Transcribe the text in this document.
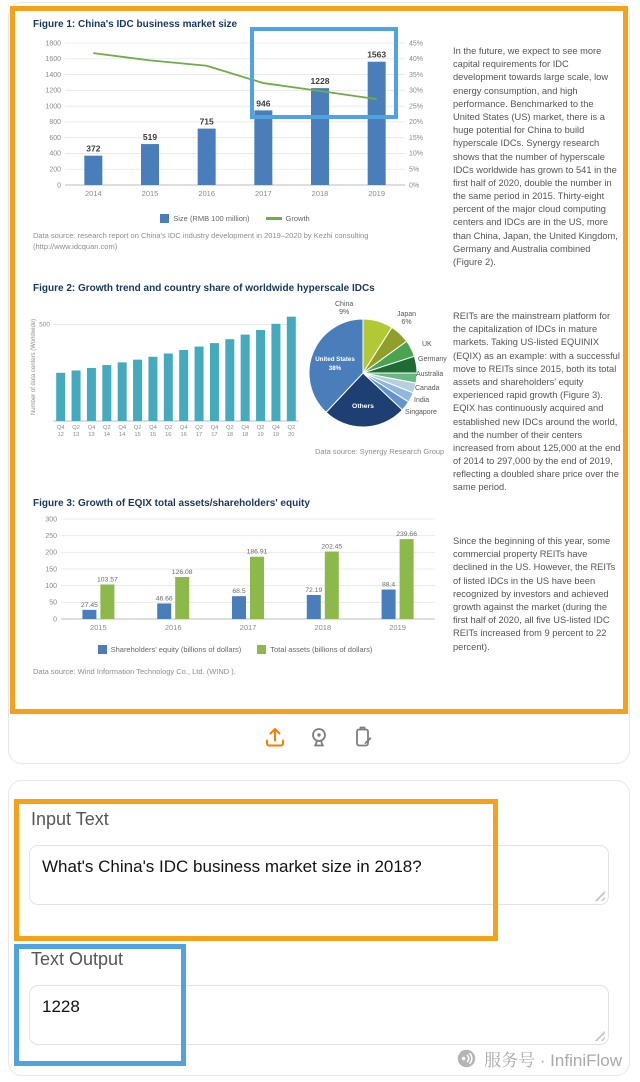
Figure 1: China's IDC business market size
0	0%
200	5%
400	10%
600	15%
800	20%
1000	25%
1200	30%
1400	35%
1600	40%
1800	45%
372
2014
519
2015
715
2016
946
2017
1228
2018
1563
2019
Size (RMB 100 million)	Growth

Data source: research report on China's IDC industry development in 2019–2020 by Kezhi consulting (http://www.idcquan.com)

In the future, we expect to see more capital requirements for IDC development towards large scale, low energy consumption, and high performance. Benchmarked to the United States (US) market, there is a huge potential for China to build hyperscale IDCs. Synergy research shows that the number of hyperscale IDCs worldwide has grown to 541 in the first half of 2020, double the number in the same period in 2015. Thirty-eight percent of the major cloud computing centers and IDCs are in the US, more than China, Japan, the United Kingdom, Germany and Australia combined (Figure 2).

Figure 2: Growth trend and country share of worldwide hyperscale IDCs
Number of data centers (Worldwide) 500
Q4
12
Q2
13
Q4
13
Q2
14
Q4
14
Q2
15
Q4
15
Q2
16
Q4
16
Q2
17
Q4
17
Q2
18
Q4
18
Q2
19
Q4
19
Q2
20
United States
38%
Others
China
9%	Japan
6%
UK
Germany
Australia
Canada
India
Singapore

Data source: Synergy Research Group

REITs are the mainstream platform for the capitalization of IDCs in mature markets. Taking US-listed EQUINIX (EQIX) as an example: with a successful move to REITs since 2015, both its total assets and shareholders' equity experienced rapid growth (Figure 3). EQIX has continuously acquired and established new IDCs around the world, and the number of their centers increased from about 125,000 at the end of 2014 to 297,000 by the end of 2019, reflecting a doubled share price over the same period.

Figure 3: Growth of EQIX total assets/shareholders' equity
0
50
100
150
200
250
300
27.45
103.57
2015
46.66
126.08
2016
68.5
186.91
2017
72.19
202.45
2018
88.4
239.66
2019
Shareholders' equity (billions of dollars)	Total assets (billions of dollars)

Data source: Wind Information Technology Co., Ltd. (WIND ).

Since the beginning of this year, some commercial property REITs have declined in the US. However, the REITs of listed IDCs in the US have been recognized by investors and achieved growth against the market (during the first half of 2020, all five US-listed IDC REITs increased from 9 percent to 22 percent).

Input Text
What's China's IDC business market size in 2018?
Text Output
1228
服务号 · InfiniFlow
